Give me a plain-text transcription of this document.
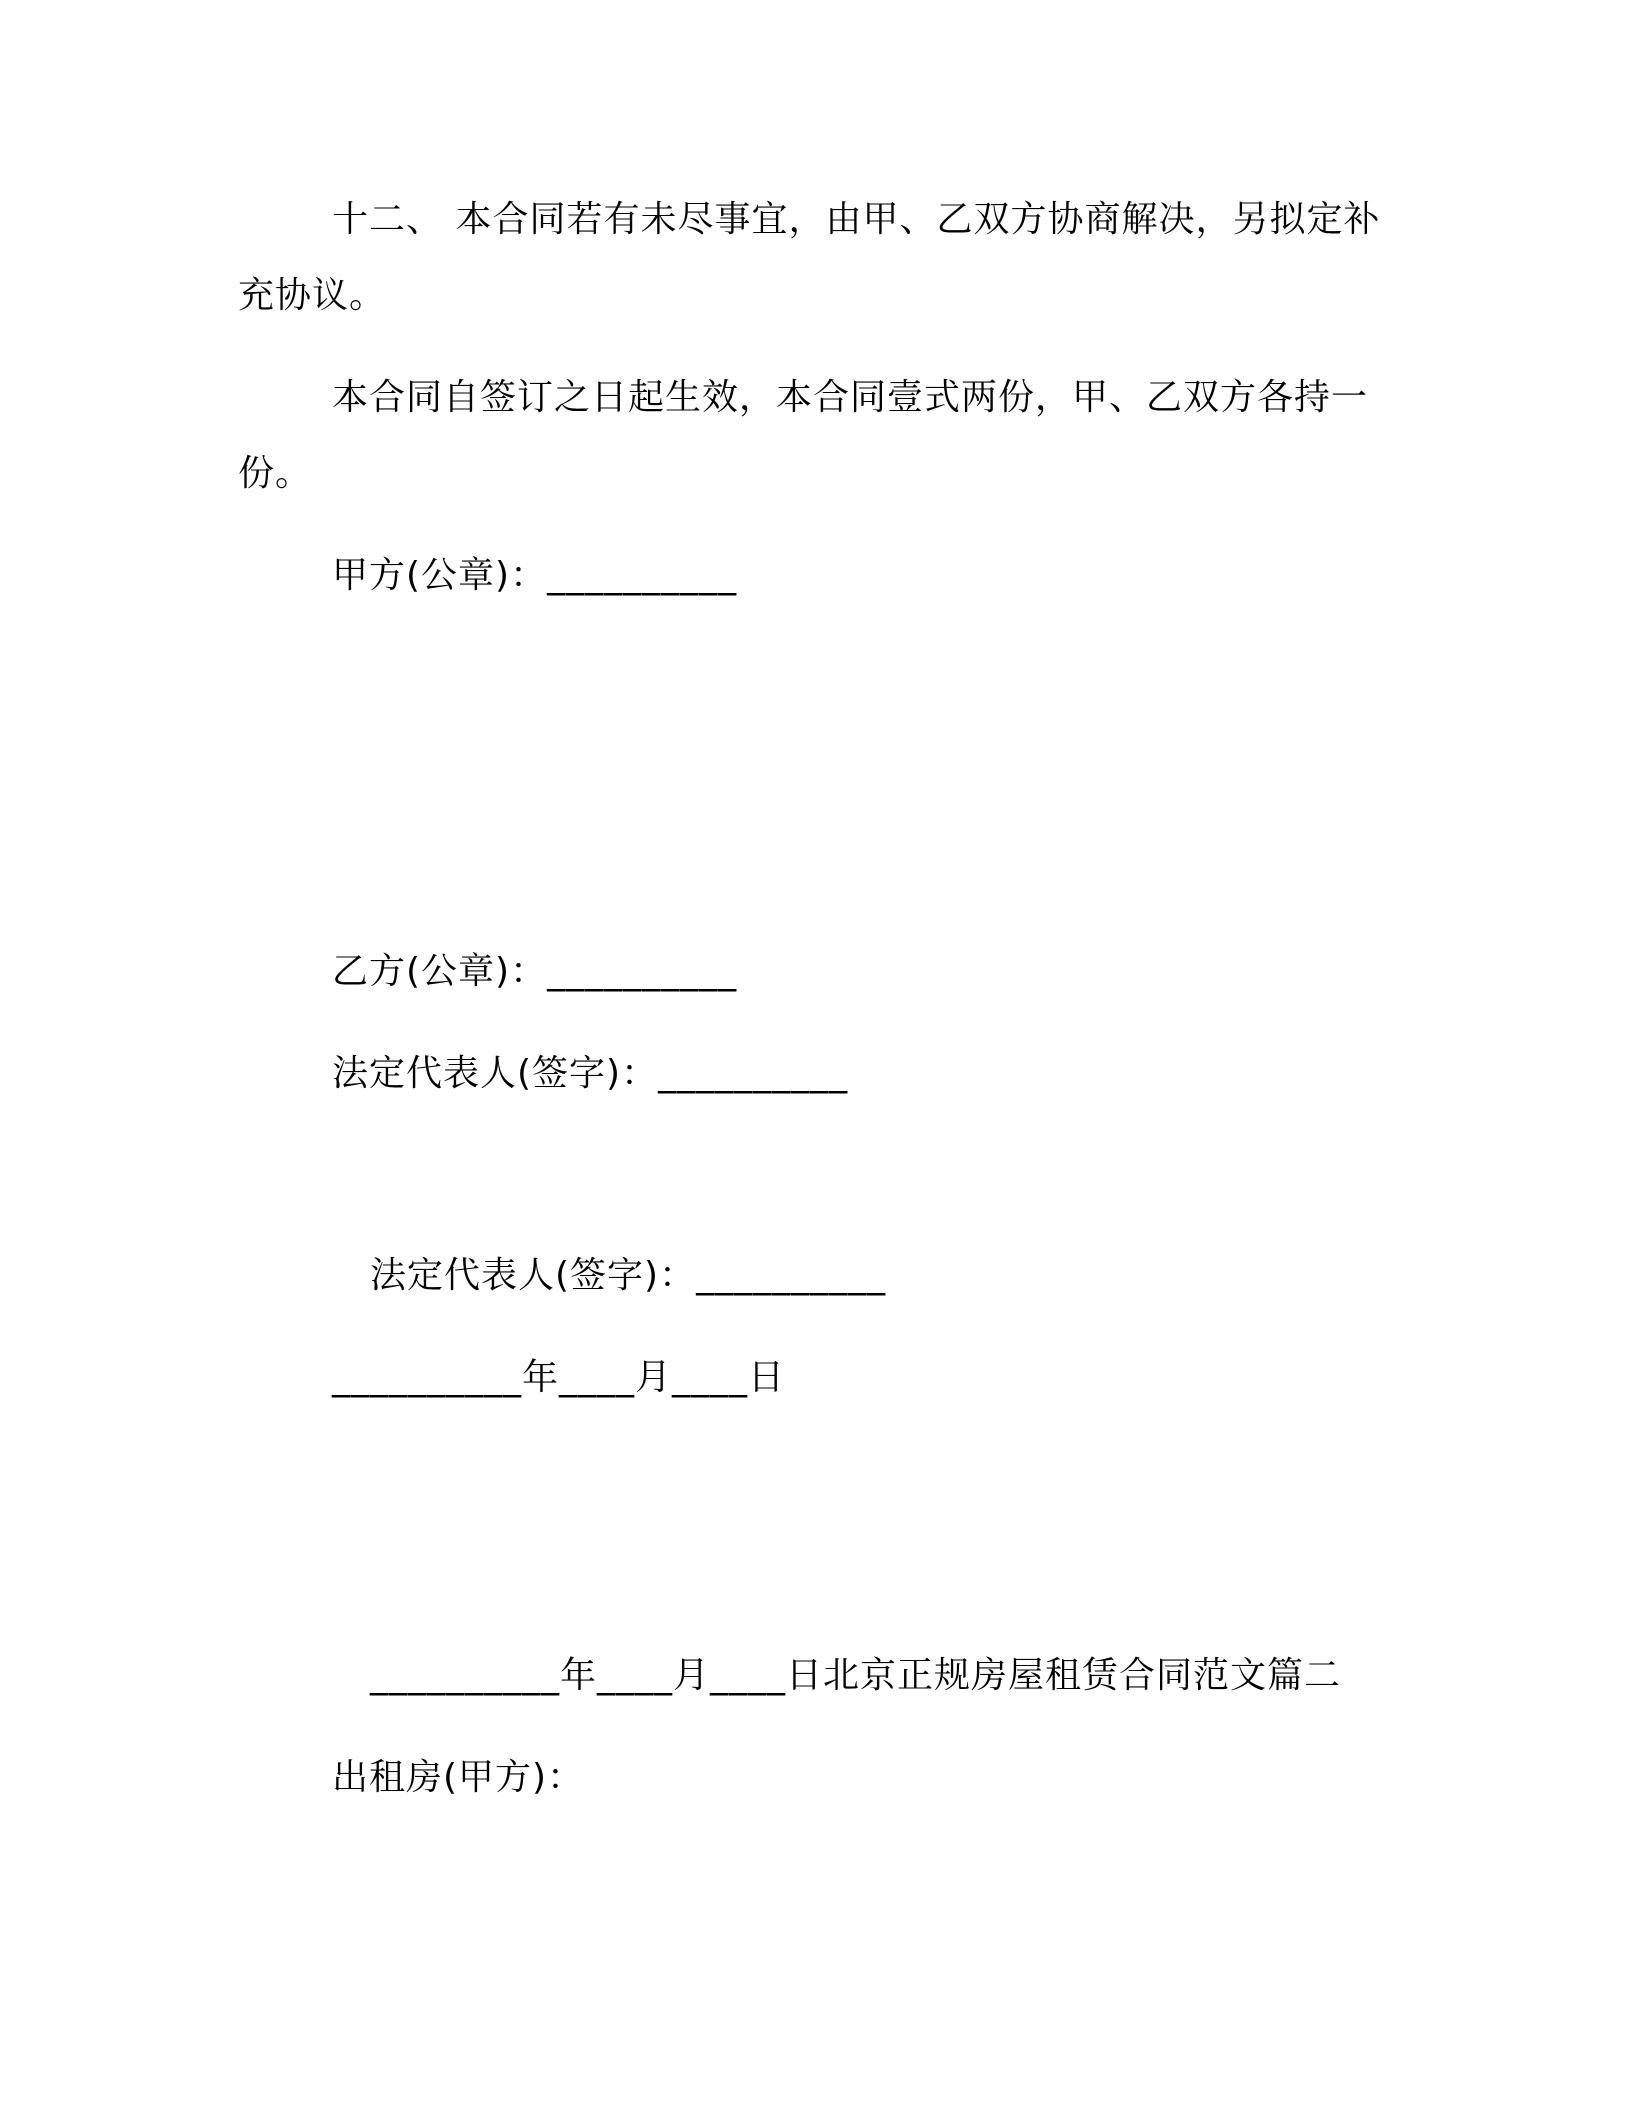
十二、 本合同若有未尽事宜，由甲、乙双方协商解决，另拟定补
充协议。
本合同自签订之日起生效，本合同壹式两份，甲、乙双方各持一
份。
甲方(公章)：__________
乙方(公章)：__________
法定代表人(签字)：__________
法定代表人(签字)：__________
__________年____月____日
__________年____月____日北京正规房屋租赁合同范文篇二
出租房(甲方)：
